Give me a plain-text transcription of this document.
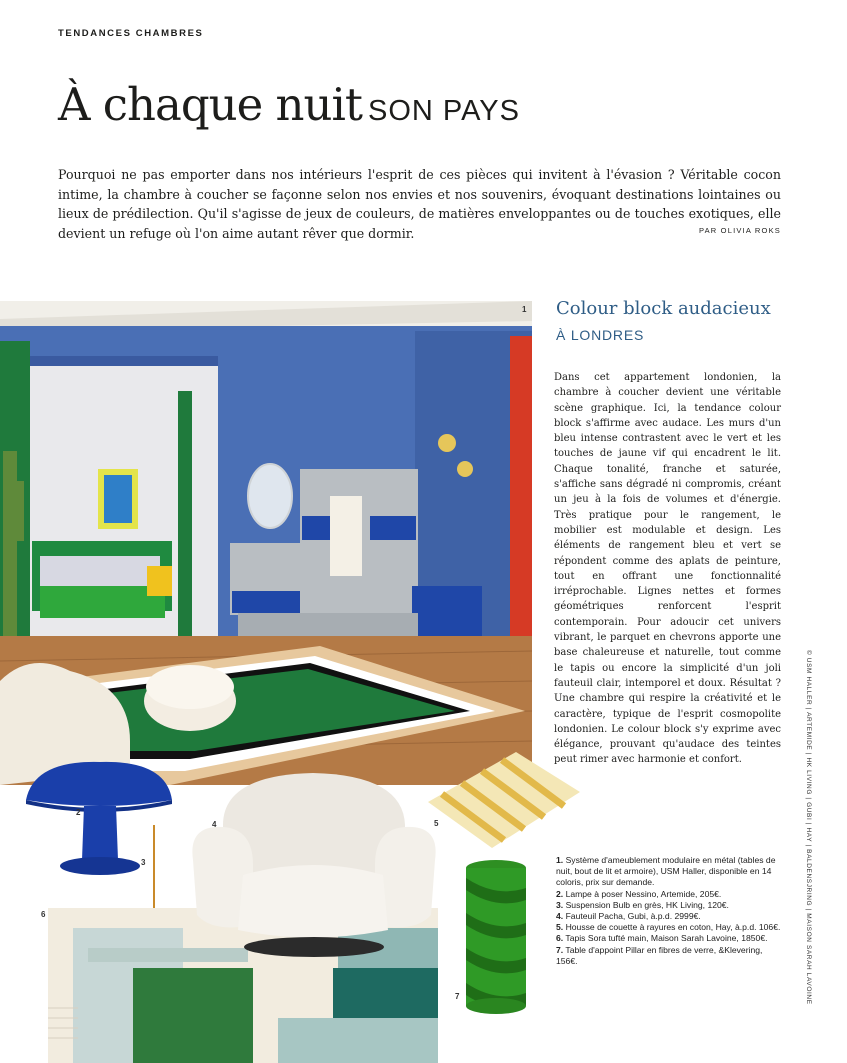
TENDANCES CHAMBRES
À chaque nuit SON PAYS
Pourquoi ne pas emporter dans nos intérieurs l'esprit de ces pièces qui invitent à l'évasion ? Véritable cocon intime, la chambre à coucher se façonne selon nos envies et nos souvenirs, évoquant destinations lointaines ou lieux de prédilection. Qu'il s'agisse de jeux de couleurs, de matières enveloppantes ou de touches exotiques, elle devient un refuge où l'on aime autant rêver que dormir.	PAR OLIVIA ROKS
1
2
3
6
4	5
7
Colour block audacieux
À LONDRES
Dans cet appartement londonien, la chambre à coucher devient une véritable scène graphique. Ici, la tendance colour block s'affirme avec audace. Les murs d'un bleu intense contrastent avec le vert et les touches de jaune vif qui encadrent le lit. Chaque tonalité, franche et saturée, s'affiche sans dégradé ni compromis, créant un jeu à la fois de volumes et d'énergie. Très pratique pour le rangement, le mobilier est modulable et design. Les éléments de rangement bleu et vert se répondent comme des aplats de peinture, tout en offrant une fonctionnalité irréprochable. Lignes nettes et formes géométriques renforcent l'esprit contemporain. Pour adoucir cet univers vibrant, le parquet en chevrons apporte une base chaleureuse et naturelle, tout comme le tapis ou encore la simplicité d'un joli fauteuil clair, intemporel et doux. Résultat ? Une chambre qui respire la créativité et le caractère, typique de l'esprit cosmopolite londonien. Le colour block s'y exprime avec élégance, prouvant qu'audace des teintes peut rimer avec harmonie et confort.	© USM HALLER | ARTEMIDE | HK LIVING | GUBI | HAY | BALDENSJRING | MAISON SARAH LAVOINE

1. Système d'ameublement modulaire en métal (tables de nuit, bout de lit et armoire), USM Haller, disponible en 14 coloris, prix sur demande.

2. Lampe à poser Nessino, Artemide, 205€.

3. Suspension Bulb en grès, HK Living, 120€.

4. Fauteuil Pacha, Gubi, à.p.d. 2999€.

5. Housse de couette à rayures en coton, Hay, à.p.d. 106€.

6. Tapis Sora tufté main, Maison Sarah Lavoine, 1850€.

7. Table d'appoint Pillar en fibres de verre, &Klevering, 156€.
